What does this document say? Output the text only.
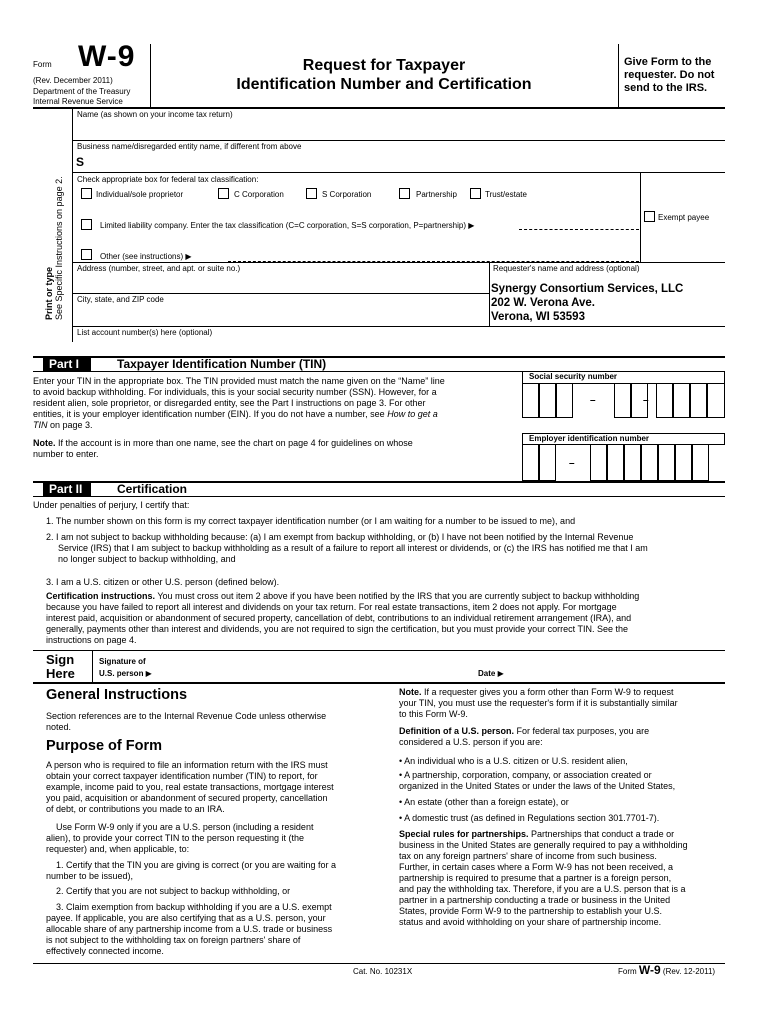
Form W-9
(Rev. December 2011)
Department of the Treasury
Internal Revenue Service
Request for Taxpayer
Identification Number and Certification
Give Form to the
requester. Do not
send to the IRS.
Print or type
See Specific Instructions on page 2.
Name (as shown on your income tax return)
Business name/disregarded entity name, if different from above
S
Check appropriate box for federal tax classification:
Individual/sole proprietor	C Corporation	S Corporation	Partnership	Trust/estate
Exempt payee
Limited liability company. Enter the tax classification (C=C corporation, S=S corporation, P=partnership) ▶
Other (see instructions) ▶
Address (number, street, and apt. or suite no.)	Requester's name and address (optional)
Synergy Consortium Services, LLC
202 W. Verona Ave.
Verona, WI 53593
City, state, and ZIP code
List account number(s) here (optional)
Part I	Taxpayer Identification Number (TIN)
Enter your TIN in the appropriate box. The TIN provided must match the name given on the “Name” line
to avoid backup withholding. For individuals, this is your social security number (SSN). However, for a
resident alien, sole proprietor, or disregarded entity, see the Part I instructions on page 3. For other
entities, it is your employer identification number (EIN). If you do not have a number, see How to get a
TIN on page 3.
Note. If the account is in more than one name, see the chart on page 4 for guidelines on whose
number to enter.
Social security number
–	–
Employer identification number
–
Part II	Certification
Under penalties of perjury, I certify that:
1. The number shown on this form is my correct taxpayer identification number (or I am waiting for a number to be issued to me), and
2. I am not subject to backup withholding because: (a) I am exempt from backup withholding, or (b) I have not been notified by the Internal Revenue
Service (IRS) that I am subject to backup withholding as a result of a failure to report all interest or dividends, or (c) the IRS has notified me that I am
no longer subject to backup withholding, and
3. I am a U.S. citizen or other U.S. person (defined below).
Certification instructions. You must cross out item 2 above if you have been notified by the IRS that you are currently subject to backup withholding
because you have failed to report all interest and dividends on your tax return. For real estate transactions, item 2 does not apply. For mortgage
interest paid, acquisition or abandonment of secured property, cancellation of debt, contributions to an individual retirement arrangement (IRA), and
generally, payments other than interest and dividends, you are not required to sign the certification, but you must provide your correct TIN. See the
instructions on page 4.
Sign
Here
Signature of
U.S. person ▶	Date ▶
General Instructions
Section references are to the Internal Revenue Code unless otherwise
noted.
Purpose of Form
A person who is required to file an information return with the IRS must
obtain your correct taxpayer identification number (TIN) to report, for
example, income paid to you, real estate transactions, mortgage interest
you paid, acquisition or abandonment of secured property, cancellation
of debt, or contributions you made to an IRA.
Use Form W-9 only if you are a U.S. person (including a resident
alien), to provide your correct TIN to the person requesting it (the
requester) and, when applicable, to:
1. Certify that the TIN you are giving is correct (or you are waiting for a
number to be issued),
2. Certify that you are not subject to backup withholding, or
3. Claim exemption from backup withholding if you are a U.S. exempt
payee. If applicable, you are also certifying that as a U.S. person, your
allocable share of any partnership income from a U.S. trade or business
is not subject to the withholding tax on foreign partners' share of
effectively connected income.
Note. If a requester gives you a form other than Form W-9 to request
your TIN, you must use the requester's form if it is substantially similar
to this Form W-9.
Definition of a U.S. person. For federal tax purposes, you are
considered a U.S. person if you are:
• An individual who is a U.S. citizen or U.S. resident alien,
• A partnership, corporation, company, or association created or
organized in the United States or under the laws of the United States,
• An estate (other than a foreign estate), or
• A domestic trust (as defined in Regulations section 301.7701-7).
Special rules for partnerships. Partnerships that conduct a trade or
business in the United States are generally required to pay a withholding
tax on any foreign partners' share of income from such business.
Further, in certain cases where a Form W-9 has not been received, a
partnership is required to presume that a partner is a foreign person,
and pay the withholding tax. Therefore, if you are a U.S. person that is a
partner in a partnership conducting a trade or business in the United
States, provide Form W-9 to the partnership to establish your U.S.
status and avoid withholding on your share of partnership income.
Cat. No. 10231X	Form W-9 (Rev. 12-2011)
